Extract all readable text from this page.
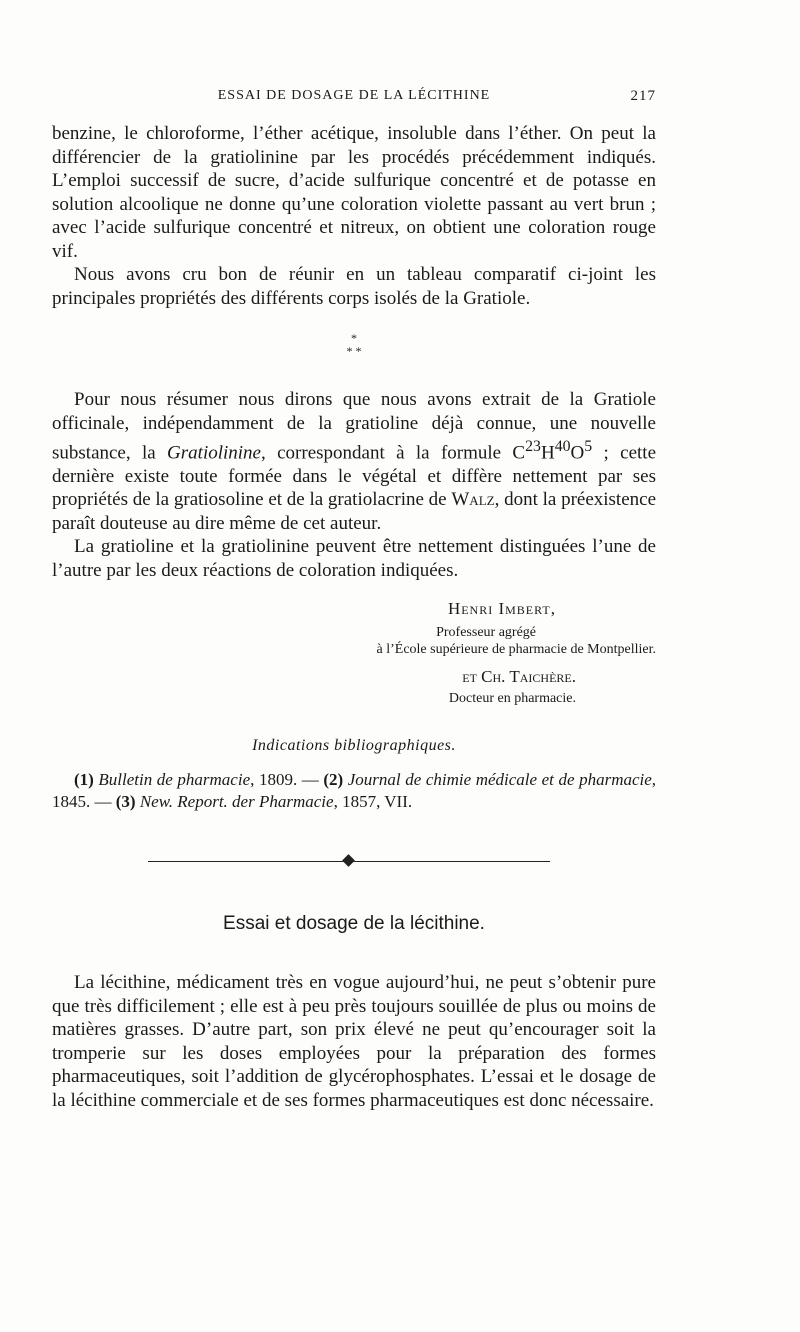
ESSAI DE DOSAGE DE LA LÉCITHINE	217

benzine, le chloroforme, l’éther acétique, insoluble dans l’éther. On peut la différencier de la gratiolinine par les procédés précédemment indiqués. L’emploi successif de sucre, d’acide sulfurique concentré et de potasse en solution alcoolique ne donne qu’une coloration violette passant au vert brun ; avec l’acide sulfurique concentré et nitreux, on obtient une coloration rouge vif.

Nous avons cru bon de réunir en un tableau comparatif ci-joint les principales propriétés des différents corps isolés de la Gratiole.

*
* *

Pour nous résumer nous dirons que nous avons extrait de la Gratiole officinale, indépendamment de la gratioline déjà connue, une nouvelle substance, la Gratiolinine, correspondant à la formule $C^{23}H^{40}O^5$ ; cette dernière existe toute formée dans le végétal et diffère nettement par ses propriétés de la gratiosoline et de la gratiolacrine de Walz, dont la préexistence paraît douteuse au dire même de cet auteur.

La gratioline et la gratiolinine peuvent être nettement distinguées l’une de l’autre par les deux réactions de coloration indiquées.

Henri Imbert,
Professeur agrégé
à l’École supérieure de pharmacie de Montpellier.
et Ch. Taichère.
Docteur en pharmacie.
Indications bibliographiques.

(1) Bulletin de pharmacie, 1809. — (2) Journal de chimie médicale et de pharmacie, 1845. — (3) New. Report. der Pharmacie, 1857, VII.

Essai et dosage de la lécithine.

La lécithine, médicament très en vogue aujourd’hui, ne peut s’obtenir pure que très difficilement ; elle est à peu près toujours souillée de plus ou moins de matières grasses. D’autre part, son prix élevé ne peut qu’encourager soit la tromperie sur les doses employées pour la préparation des formes pharmaceutiques, soit l’addition de glycérophosphates. L’essai et le dosage de la lécithine commerciale et de ses formes pharmaceutiques est donc nécessaire.
